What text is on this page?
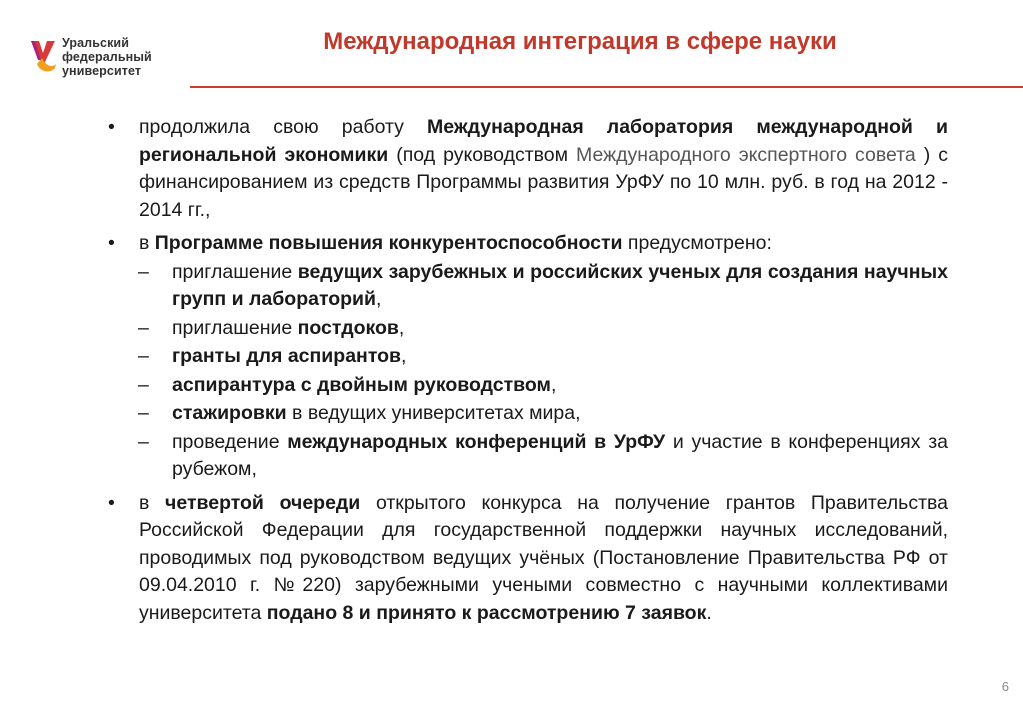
Уральский
федеральный
университет
Международная интеграция в сфере науки
• продолжила свою работу Международная лаборатория международной и региональной экономики (под руководством Международного экспертного совета ) с финансированием из средств Программы развития УрФУ по 10 млн. руб. в год на 2012 - 2014 гг.,
• в Программе повышения конкурентоспособности предусмотрено:
– приглашение ведущих зарубежных и российских ученых для создания научных групп и лабораторий,
– приглашение постдоков,
– гранты для аспирантов,
– аспирантура с двойным руководством,
– стажировки в ведущих университетах мира,
– проведение международных конференций в УрФУ и участие в конференциях за рубежом,
• в четвертой очереди открытого конкурса на получение грантов Правительства Российской Федерации для государственной поддержки научных исследований, проводимых под руководством ведущих учёных (Постановление Правительства РФ от 09.04.2010 г. №220) зарубежными учеными совместно с научными коллективами университета подано 8 и принято к рассмотрению 7 заявок.
6
